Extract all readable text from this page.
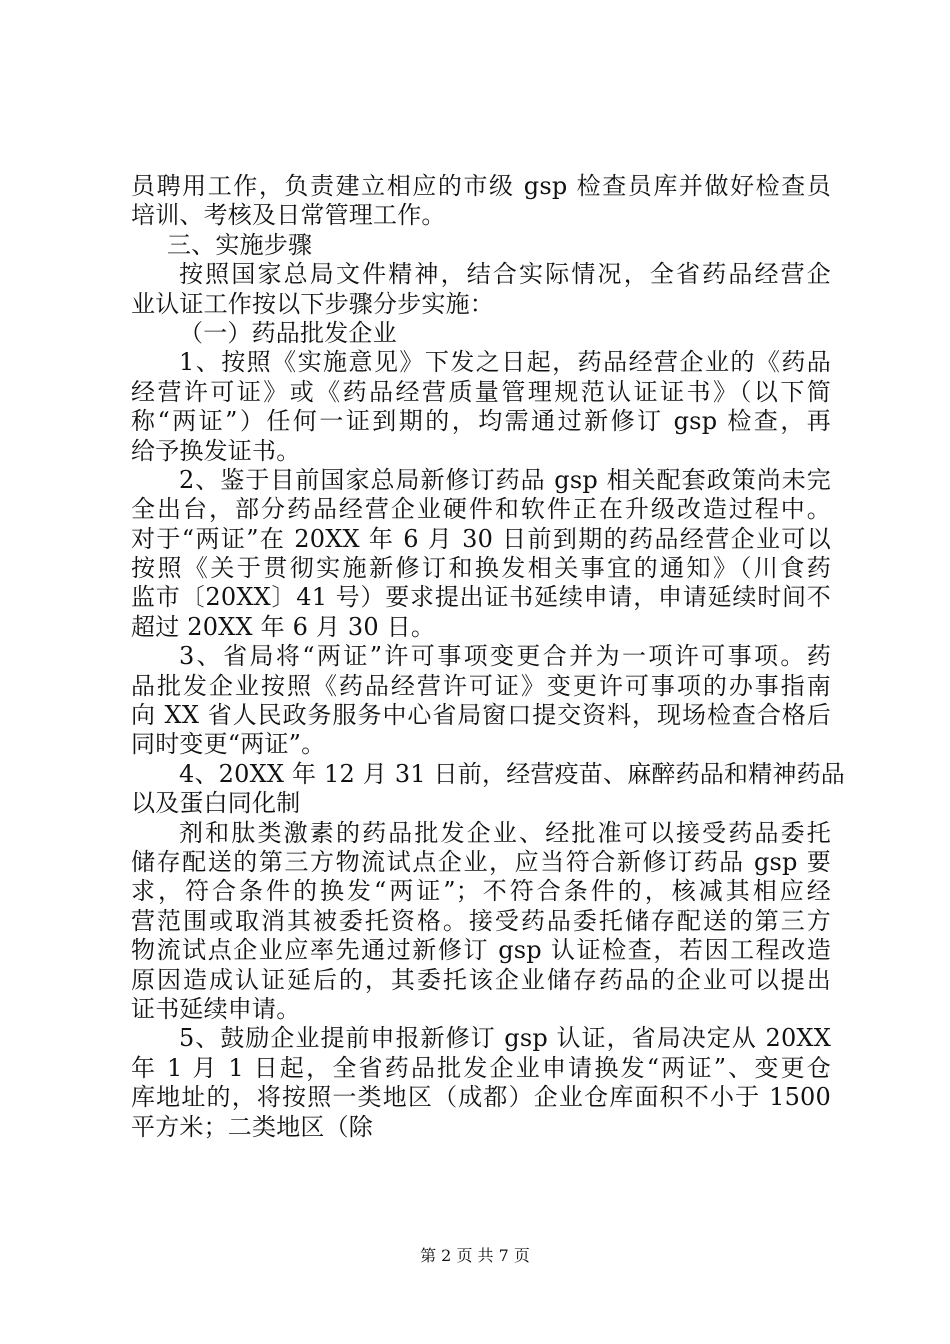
员聘用工作，负责建立相应的市级 gsp 检查员库并做好检查员
培训、考核及日常管理工作。
三、实施步骤
按照国家总局文件精神，结合实际情况，全省药品经营企
业认证工作按以下步骤分步实施：
（一）药品批发企业
1、按照《实施意见》下发之日起，药品经营企业的《药品
经营许可证》或《药品经营质量管理规范认证证书》（以下简
称“两证”）任何一证到期的，均需通过新修订 gsp 检查，再
给予换发证书。
2、鉴于目前国家总局新修订药品 gsp 相关配套政策尚未完
全出台，部分药品经营企业硬件和软件正在升级改造过程中。
对于“两证”在 20XX 年 6 月 30 日前到期的药品经营企业可以
按照《关于贯彻实施新修订和换发相关事宜的通知》（川食药
监市〔20XX〕41 号）要求提出证书延续申请，申请延续时间不
超过 20XX 年 6 月 30 日。
3、省局将“两证”许可事项变更合并为一项许可事项。药
品批发企业按照《药品经营许可证》变更许可事项的办事指南
向 XX 省人民政务服务中心省局窗口提交资料，现场检查合格后
同时变更“两证”。
4、20XX 年 12 月 31 日前，经营疫苗、麻醉药品和精神药品
以及蛋白同化制
剂和肽类激素的药品批发企业、经批准可以接受药品委托
储存配送的第三方物流试点企业，应当符合新修订药品 gsp 要
求，符合条件的换发“两证”；不符合条件的，核减其相应经
营范围或取消其被委托资格。接受药品委托储存配送的第三方
物流试点企业应率先通过新修订 gsp 认证检查，若因工程改造
原因造成认证延后的，其委托该企业储存药品的企业可以提出
证书延续申请。
5、鼓励企业提前申报新修订 gsp 认证，省局决定从 20XX
年 1 月 1 日起，全省药品批发企业申请换发“两证”、变更仓
库地址的，将按照一类地区（成都）企业仓库面积不小于 1500
平方米；二类地区（除
第 2 页 共 7 页
